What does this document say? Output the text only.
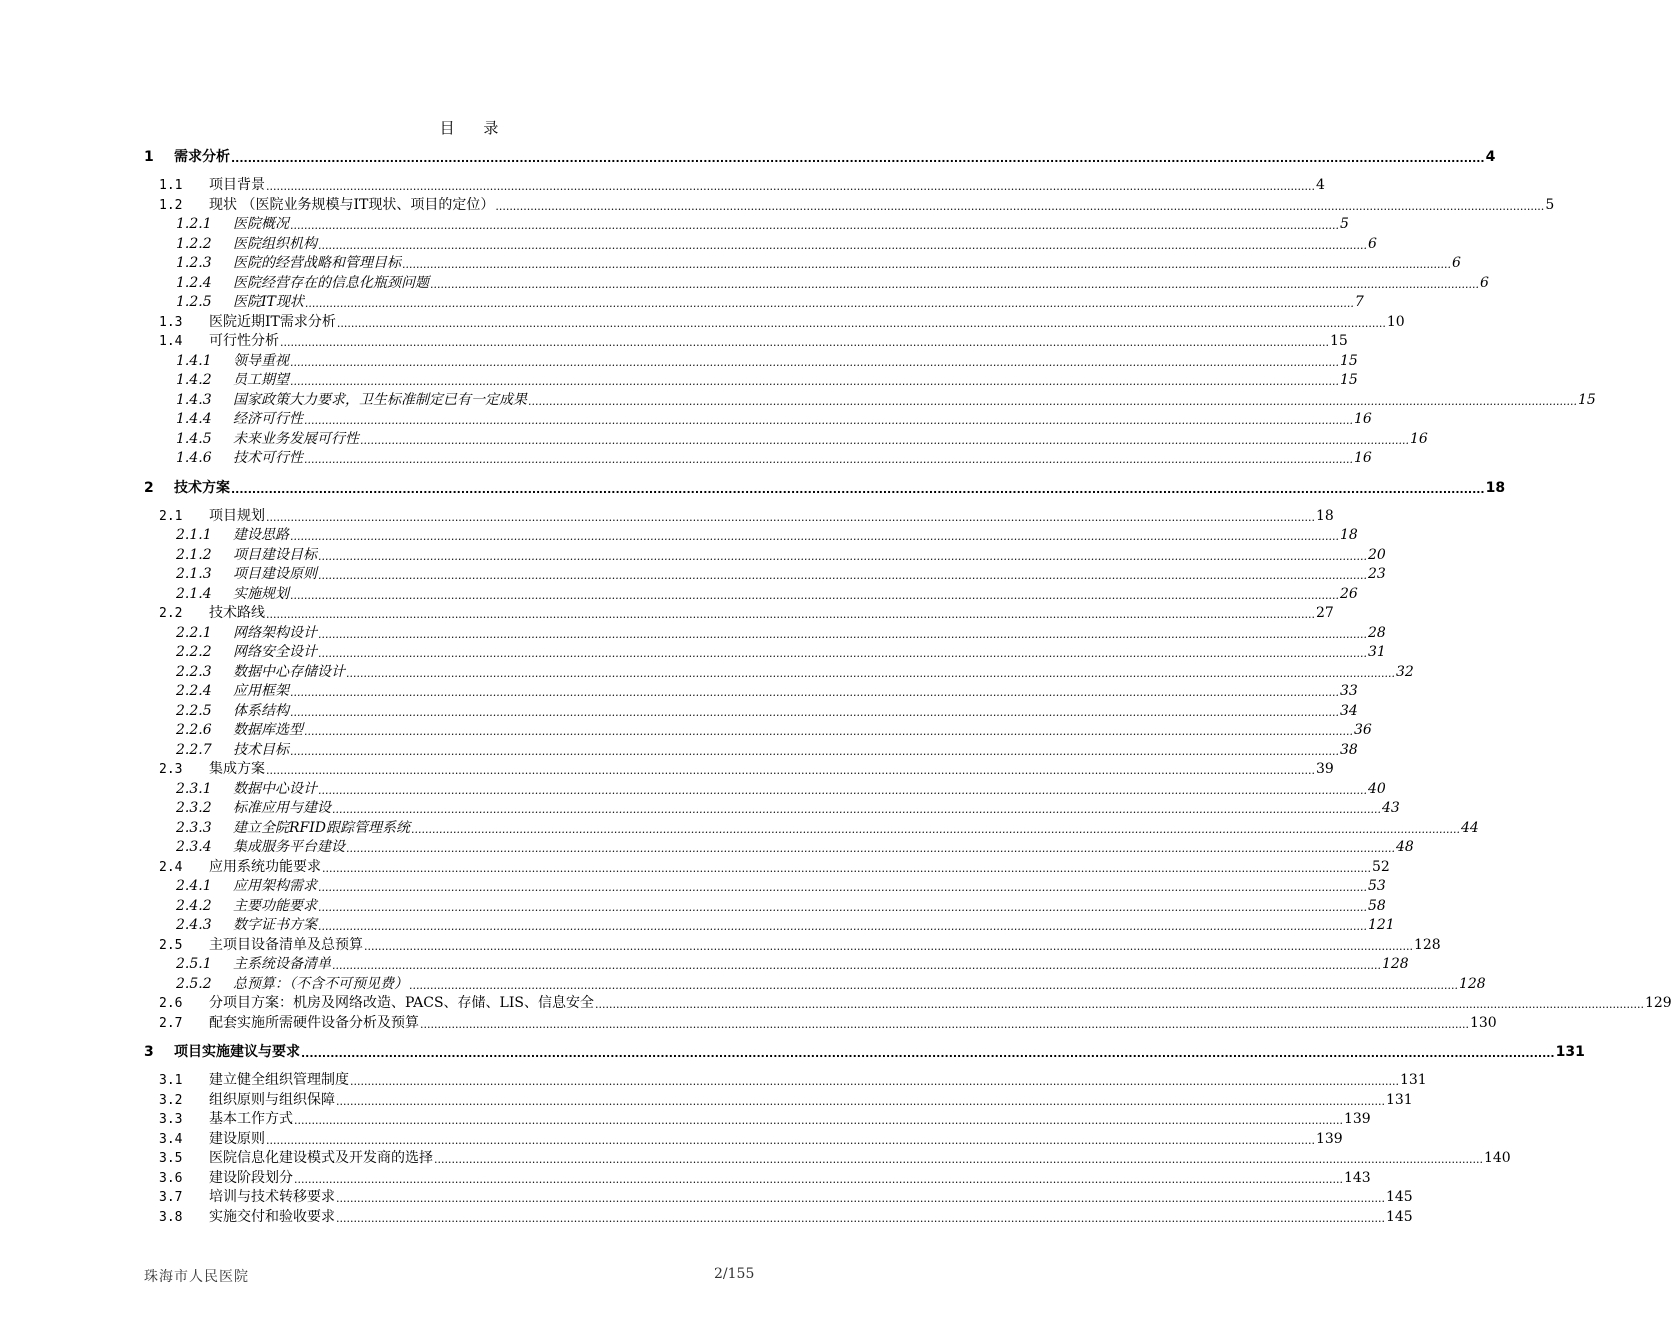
目 录
1	需求分析 ............................................................................................................................................................................................................................................................................................................ 4
1.1	项目背景 ............................................................................................................................................................................................................................................................................................................ 4
1.2	现状 （医院业务规模与IT现状、项目的定位） ............................................................................................................................................................................................................................................................................................................ 5
1.2.1	医院概况 ............................................................................................................................................................................................................................................................................................................ 5
1.2.2	医院组织机构 ............................................................................................................................................................................................................................................................................................................ 6
1.2.3	医院的经营战略和管理目标 ............................................................................................................................................................................................................................................................................................................ 6
1.2.4	医院经营存在的信息化瓶颈问题 ............................................................................................................................................................................................................................................................................................................ 6
1.2.5	医院IT现状 ............................................................................................................................................................................................................................................................................................................ 7
1.3	医院近期IT需求分析 ............................................................................................................................................................................................................................................................................................................ 10
1.4	可行性分析 ............................................................................................................................................................................................................................................................................................................ 15
1.4.1	领导重视 ............................................................................................................................................................................................................................................................................................................ 15
1.4.2	员工期望 ............................................................................................................................................................................................................................................................................................................ 15
1.4.3	国家政策大力要求，卫生标准制定已有一定成果 ............................................................................................................................................................................................................................................................................................................ 15
1.4.4	经济可行性 ............................................................................................................................................................................................................................................................................................................ 16
1.4.5	未来业务发展可行性 ............................................................................................................................................................................................................................................................................................................ 16
1.4.6	技术可行性 ............................................................................................................................................................................................................................................................................................................ 16
2	技术方案 ............................................................................................................................................................................................................................................................................................................ 18
2.1	项目规划 ............................................................................................................................................................................................................................................................................................................ 18
2.1.1	建设思路 ............................................................................................................................................................................................................................................................................................................ 18
2.1.2	项目建设目标 ............................................................................................................................................................................................................................................................................................................ 20
2.1.3	项目建设原则 ............................................................................................................................................................................................................................................................................................................ 23
2.1.4	实施规划 ............................................................................................................................................................................................................................................................................................................ 26
2.2	技术路线 ............................................................................................................................................................................................................................................................................................................ 27
2.2.1	网络架构设计 ............................................................................................................................................................................................................................................................................................................ 28
2.2.2	网络安全设计 ............................................................................................................................................................................................................................................................................................................ 31
2.2.3	数据中心存储设计 ............................................................................................................................................................................................................................................................................................................ 32
2.2.4	应用框架 ............................................................................................................................................................................................................................................................................................................ 33
2.2.5	体系结构 ............................................................................................................................................................................................................................................................................................................ 34
2.2.6	数据库选型 ............................................................................................................................................................................................................................................................................................................ 36
2.2.7	技术目标 ............................................................................................................................................................................................................................................................................................................ 38
2.3	集成方案 ............................................................................................................................................................................................................................................................................................................ 39
2.3.1	数据中心设计 ............................................................................................................................................................................................................................................................................................................ 40
2.3.2	标准应用与建设 ............................................................................................................................................................................................................................................................................................................ 43
2.3.3	建立全院RFID跟踪管理系统 ............................................................................................................................................................................................................................................................................................................ 44
2.3.4	集成服务平台建设 ............................................................................................................................................................................................................................................................................................................ 48
2.4	应用系统功能要求 ............................................................................................................................................................................................................................................................................................................ 52
2.4.1	应用架构需求 ............................................................................................................................................................................................................................................................................................................ 53
2.4.2	主要功能要求 ............................................................................................................................................................................................................................................................................................................ 58
2.4.3	数字证书方案 ............................................................................................................................................................................................................................................................................................................ 121
2.5	主项目设备清单及总预算 ............................................................................................................................................................................................................................................................................................................ 128
2.5.1	主系统设备清单 ............................................................................................................................................................................................................................................................................................................ 128
2.5.2	总预算：（不含不可预见费） ............................................................................................................................................................................................................................................................................................................ 128
2.6	分项目方案：机房及网络改造、PACS、存储、LIS、信息安全 ............................................................................................................................................................................................................................................................................................................ 129
2.7	配套实施所需硬件设备分析及预算 ............................................................................................................................................................................................................................................................................................................ 130
3	项目实施建议与要求 ............................................................................................................................................................................................................................................................................................................ 131
3.1	建立健全组织管理制度 ............................................................................................................................................................................................................................................................................................................ 131
3.2	组织原则与组织保障 ............................................................................................................................................................................................................................................................................................................ 131
3.3	基本工作方式 ............................................................................................................................................................................................................................................................................................................ 139
3.4	建设原则 ............................................................................................................................................................................................................................................................................................................ 139
3.5	医院信息化建设模式及开发商的选择 ............................................................................................................................................................................................................................................................................................................ 140
3.6	建设阶段划分 ............................................................................................................................................................................................................................................................................................................ 143
3.7	培训与技术转移要求 ............................................................................................................................................................................................................................................................................................................ 145
3.8	实施交付和验收要求 ............................................................................................................................................................................................................................................................................................................ 145
珠海市人民医院	2/155
